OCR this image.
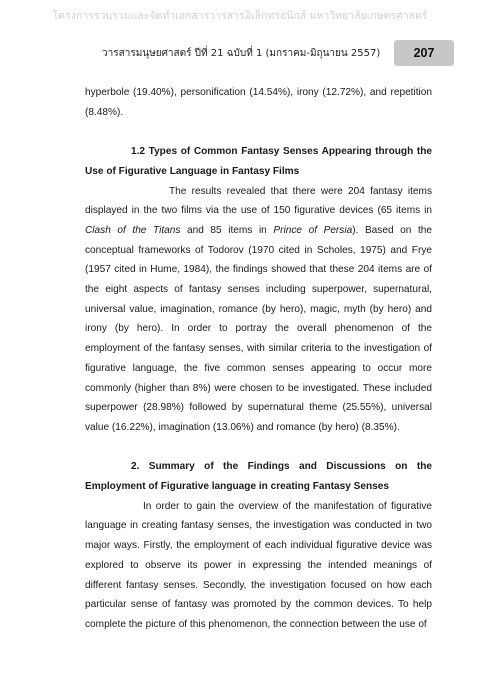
โครงการรวบรวมและจัดทำเอกสารวารสารอิเล็กทรอนิกส์ มหาวิทยาลัยเกษตรศาสตร์
วารสารมนุษยศาสตร์ ปีที่ 21 ฉบับที่ 1 (มกราคม-มิถุนายน 2557)	207

hyperbole (19.40%), personification (14.54%), irony (12.72%), and repetition (8.48%).

1.2 Types of Common Fantasy Senses Appearing through the Use of Figurative Language in Fantasy Films

The results revealed that there were 204 fantasy items displayed in the two films via the use of 150 figurative devices (65 items in Clash of the Titans and 85 items in Prince of Persia). Based on the conceptual frameworks of Todorov (1970 cited in Scholes, 1975) and Frye (1957 cited in Hume, 1984), the findings showed that these 204 items are of the eight aspects of fantasy senses including superpower, supernatural, universal value, imagination, romance (by hero), magic, myth (by hero) and irony (by hero). In order to portray the overall phenomenon of the employment of the fantasy senses, with similar criteria to the investigation of figurative language, the five common senses appearing to occur more commonly (higher than 8%) were chosen to be investigated. These included superpower (28.98%) followed by supernatural theme (25.55%), universal value (16.22%), imagination (13.06%) and romance (by hero) (8.35%).

2. Summary of the Findings and Discussions on the Employment of Figurative language in creating Fantasy Senses

In order to gain the overview of the manifestation of figurative language in creating fantasy senses, the investigation was conducted in two major ways. Firstly, the employment of each individual figurative device was explored to observe its power in expressing the intended meanings of different fantasy senses. Secondly, the investigation focused on how each particular sense of fantasy was promoted by the common devices. To help complete the picture of this phenomenon, the connection between the use of
